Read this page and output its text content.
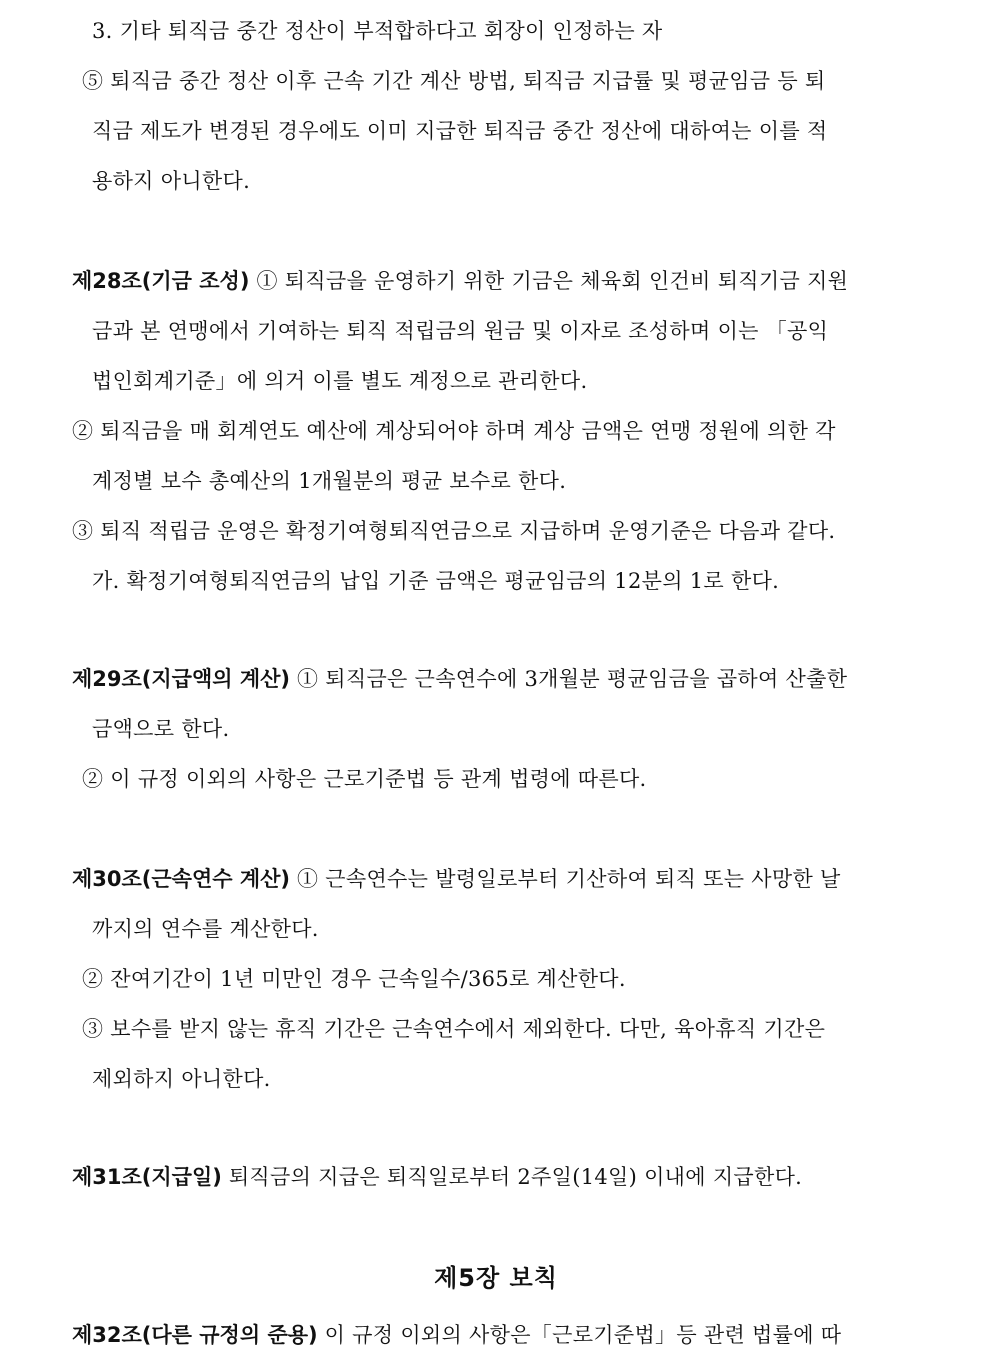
3. 기타 퇴직금 중간 정산이 부적합하다고 회장이 인정하는 자
⑤ 퇴직금 중간 정산 이후 근속 기간 계산 방법, 퇴직금 지급률 및 평균임금 등 퇴
직금 제도가 변경된 경우에도 이미 지급한 퇴직금 중간 정산에 대하여는 이를 적
용하지 아니한다.
제28조(기금 조성) ① 퇴직금을 운영하기 위한 기금은 체육회 인건비 퇴직기금 지원
금과 본 연맹에서 기여하는 퇴직 적립금의 원금 및 이자로 조성하며 이는 「공익
법인회계기준」에 의거 이를 별도 계정으로 관리한다.
② 퇴직금을 매 회계연도 예산에 계상되어야 하며 계상 금액은 연맹 정원에 의한 각
계정별 보수 총예산의 1개월분의 평균 보수로 한다.
③ 퇴직 적립금 운영은 확정기여형퇴직연금으로 지급하며 운영기준은 다음과 같다.
가. 확정기여형퇴직연금의 납입 기준 금액은 평균임금의 12분의 1로 한다.
제29조(지급액의 계산) ① 퇴직금은 근속연수에 3개월분 평균임금을 곱하여 산출한
금액으로 한다.
② 이 규정 이외의 사항은 근로기준법 등 관계 법령에 따른다.
제30조(근속연수 계산) ① 근속연수는 발령일로부터 기산하여 퇴직 또는 사망한 날
까지의 연수를 계산한다.
② 잔여기간이 1년 미만인 경우 근속일수/365로 계산한다.
③ 보수를 받지 않는 휴직 기간은 근속연수에서 제외한다. 다만, 육아휴직 기간은
제외하지 아니한다.
제31조(지급일) 퇴직금의 지급은 퇴직일로부터 2주일(14일) 이내에 지급한다.
제5장 보칙
제32조(다른 규정의 준용) 이 규정 이외의 사항은「근로기준법」등 관련 법률에 따
